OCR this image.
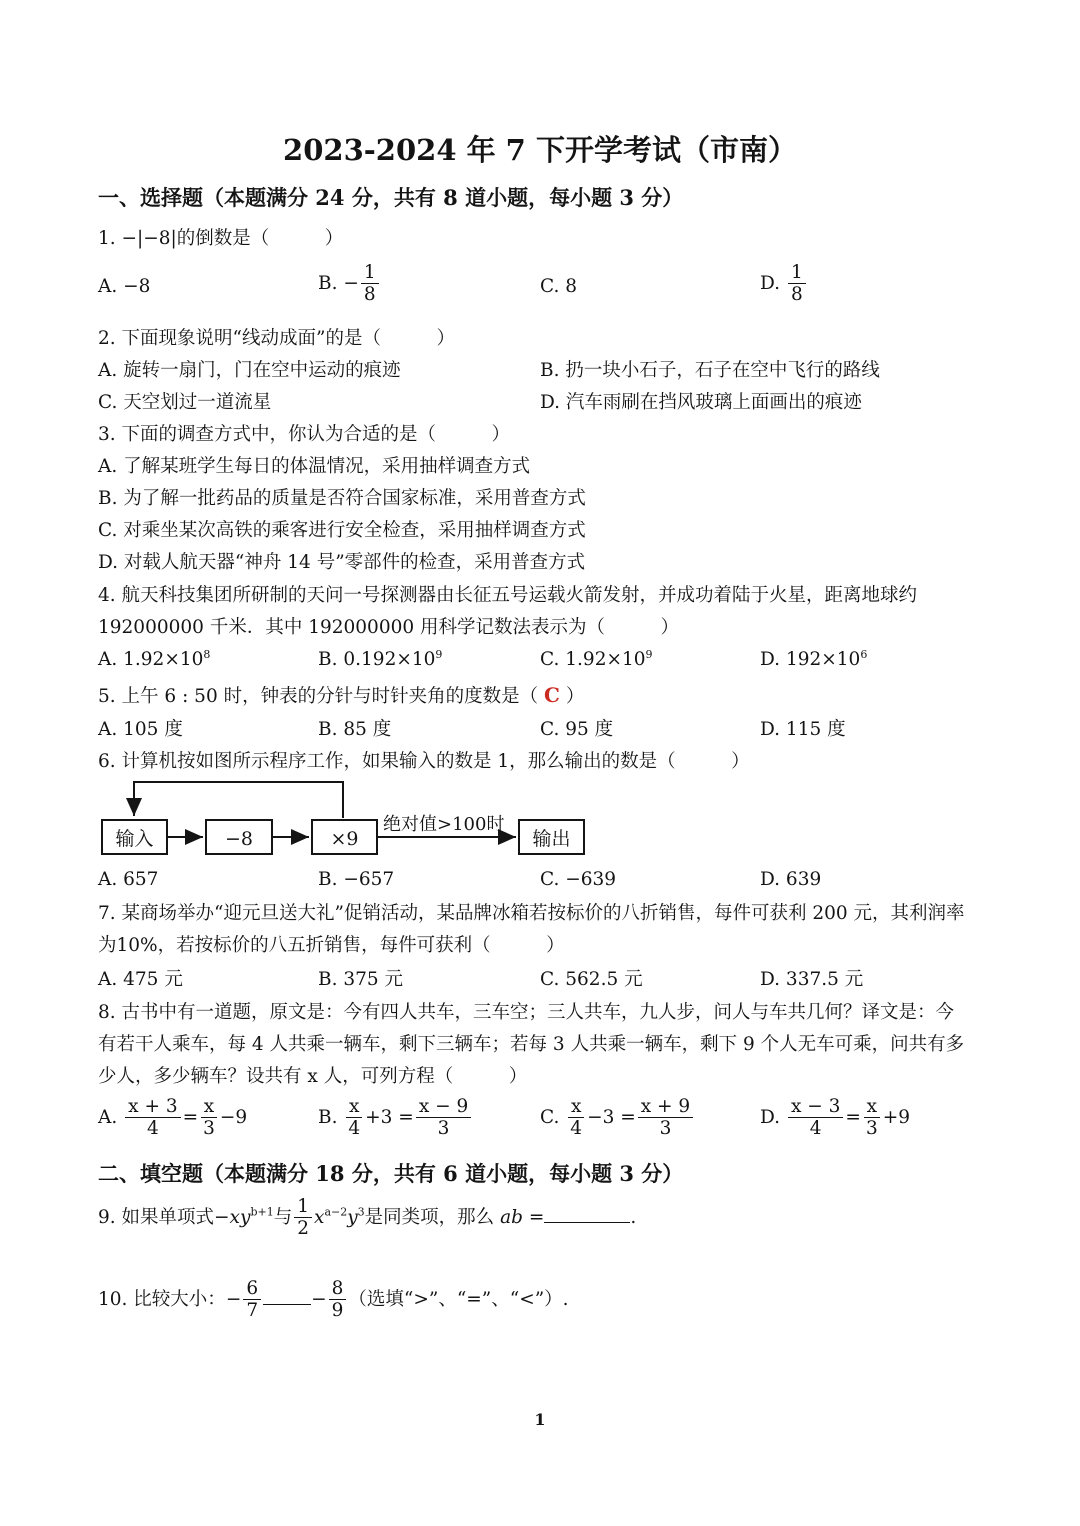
2023-2024 年 7 下开学考试（市南）
一、选择题（本题满分 24 分，共有 8 道小题，每小题 3 分）
1. −|−8|的倒数是（　　　）
A. −8	B. − $\frac{1}{8}$	C. 8	D. $\frac{1}{8}$
2. 下面现象说明“线动成面”的是（　　　）
A. 旋转一扇门，门在空中运动的痕迹	B. 扔一块小石子，石子在空中飞行的路线
C. 天空划过一道流星	D. 汽车雨刷在挡风玻璃上面画出的痕迹
3. 下面的调查方式中，你认为合适的是（　　　）
A. 了解某班学生每日的体温情况，采用抽样调查方式
B. 为了解一批药品的质量是否符合国家标准，采用普查方式
C. 对乘坐某次高铁的乘客进行安全检查，采用抽样调查方式
D. 对载人航天器“神舟 14 号”零部件的检查，采用普查方式
4. 航天科技集团所研制的天问一号探测器由长征五号运载火箭发射，并成功着陆于火星，距离地球约
192000000 千米．其中 192000000 用科学记数法表示为（　　　）
A. $1.92\times 10^8$	B. $0.192\times 10^9$	C. $1.92\times 10^9$	D. $192\times 10^6$
5. 上午 6 : 50 时，钟表的分针与时针夹角的度数是（ C ）
A. 105 度	B. 85 度	C. 95 度	D. 115 度
6. 计算机按如图所示程序工作，如果输入的数是 1，那么输出的数是（　　　）
输入	−8	×9
绝对值>100时
输出
A. 657	B. −657	C. −639	D. 639
7. 某商场举办“迎元旦送大礼”促销活动，某品牌冰箱若按标价的八折销售，每件可获利 200 元，其利润率
为10%，若按标价的八五折销售，每件可获利（　　　）
A. 475 元	B. 375 元	C. 562.5 元	D. 337.5 元
8. 古书中有一道题，原文是：今有四人共车，三车空；三人共车，九人步，问人与车共几何？译文是：今
有若干人乘车，每 4 人共乘一辆车，剩下三辆车；若每 3 人共乘一辆车，剩下 9 个人无车可乘，问共有多
少人，多少辆车？设共有 x 人，可列方程（　　　）
A. $\frac{x + 3}{4} = \frac{x}{3} -9$	B. $\frac{x}{4} +3 = \frac{x - 9}{3}$	C. $\frac{x}{4} -3 = \frac{x + 9}{3}$	D. $\frac{x - 3}{4} = \frac{x}{3} +9$
二、填空题（本题满分 18 分，共有 6 道小题，每小题 3 分）
9. 如果单项式$-xy^{b+1}$与 $\frac{1}{2} x^{a-2}y^3$是同类项，那么 ab =	.
10. 比较大小：− $\frac{6}{7}$	− $\frac{8}{9}$ （选填“>”、“=”、“<”）.
1
